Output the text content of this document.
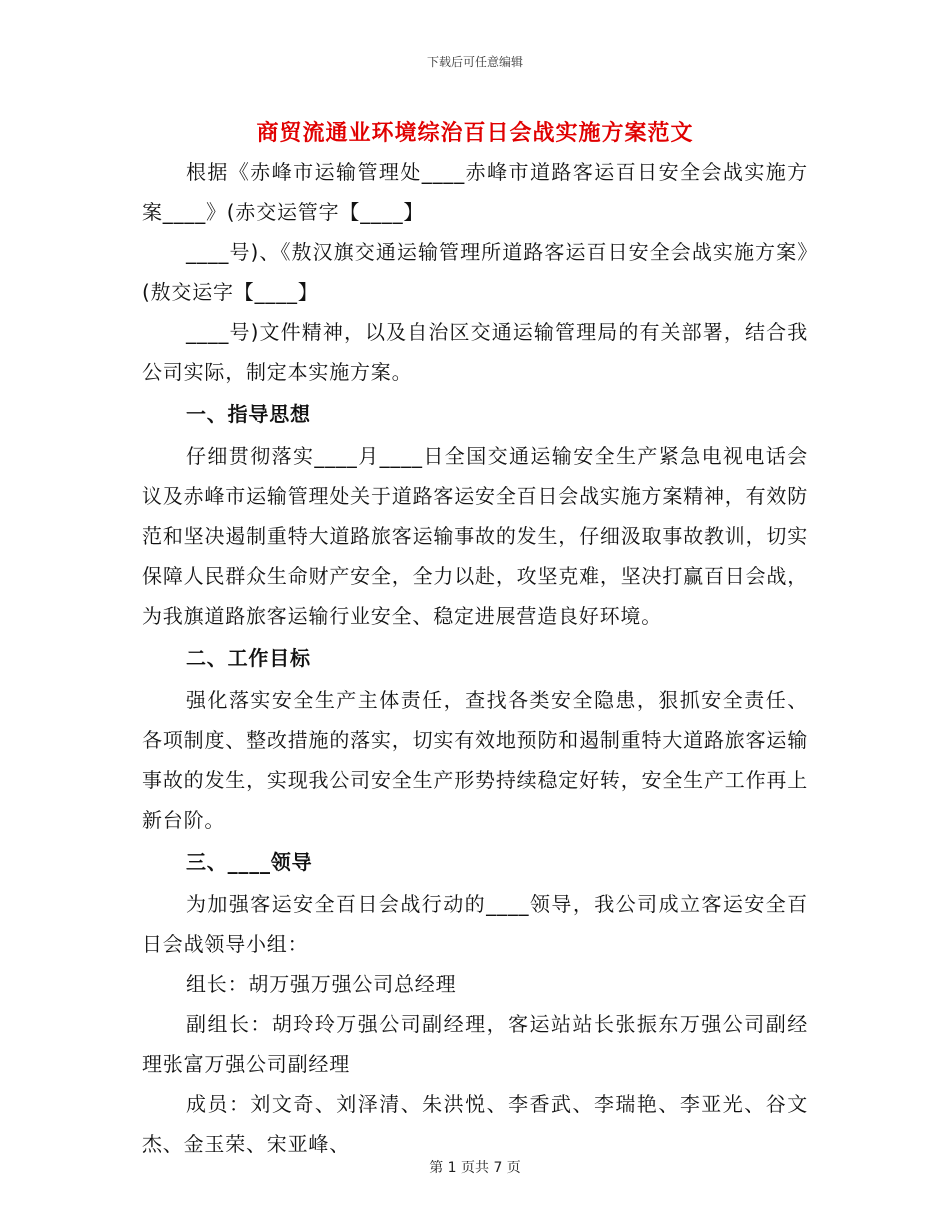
下载后可任意编辑
商贸流通业环境综治百日会战实施方案范文

根据《赤峰市运输管理处____赤峰市道路客运百日安全会战实施方案____》(赤交运管字【____】

____号)、《敖汉旗交通运输管理所道路客运百日安全会战实施方案》(敖交运字【____】

____号)文件精神，以及自治区交通运输管理局的有关部署，结合我公司实际，制定本实施方案。

一、指导思想

仔细贯彻落实____月____日全国交通运输安全生产紧急电视电话会议及赤峰市运输管理处关于道路客运安全百日会战实施方案精神，有效防范和坚决遏制重特大道路旅客运输事故的发生，仔细汲取事故教训，切实保障人民群众生命财产安全，全力以赴，攻坚克难，坚决打赢百日会战，为我旗道路旅客运输行业安全、稳定进展营造良好环境。

二、工作目标

强化落实安全生产主体责任，查找各类安全隐患，狠抓安全责任、各项制度、整改措施的落实，切实有效地预防和遏制重特大道路旅客运输事故的发生，实现我公司安全生产形势持续稳定好转，安全生产工作再上新台阶。

三、____领导

为加强客运安全百日会战行动的____领导，我公司成立客运安全百日会战领导小组：

组长：胡万强万强公司总经理

副组长：胡玲玲万强公司副经理，客运站站长张振东万强公司副经理张富万强公司副经理

成员：刘文奇、刘泽清、朱洪悦、李香武、李瑞艳、李亚光、谷文杰、金玉荣、宋亚峰、

第 1 页共 7 页
